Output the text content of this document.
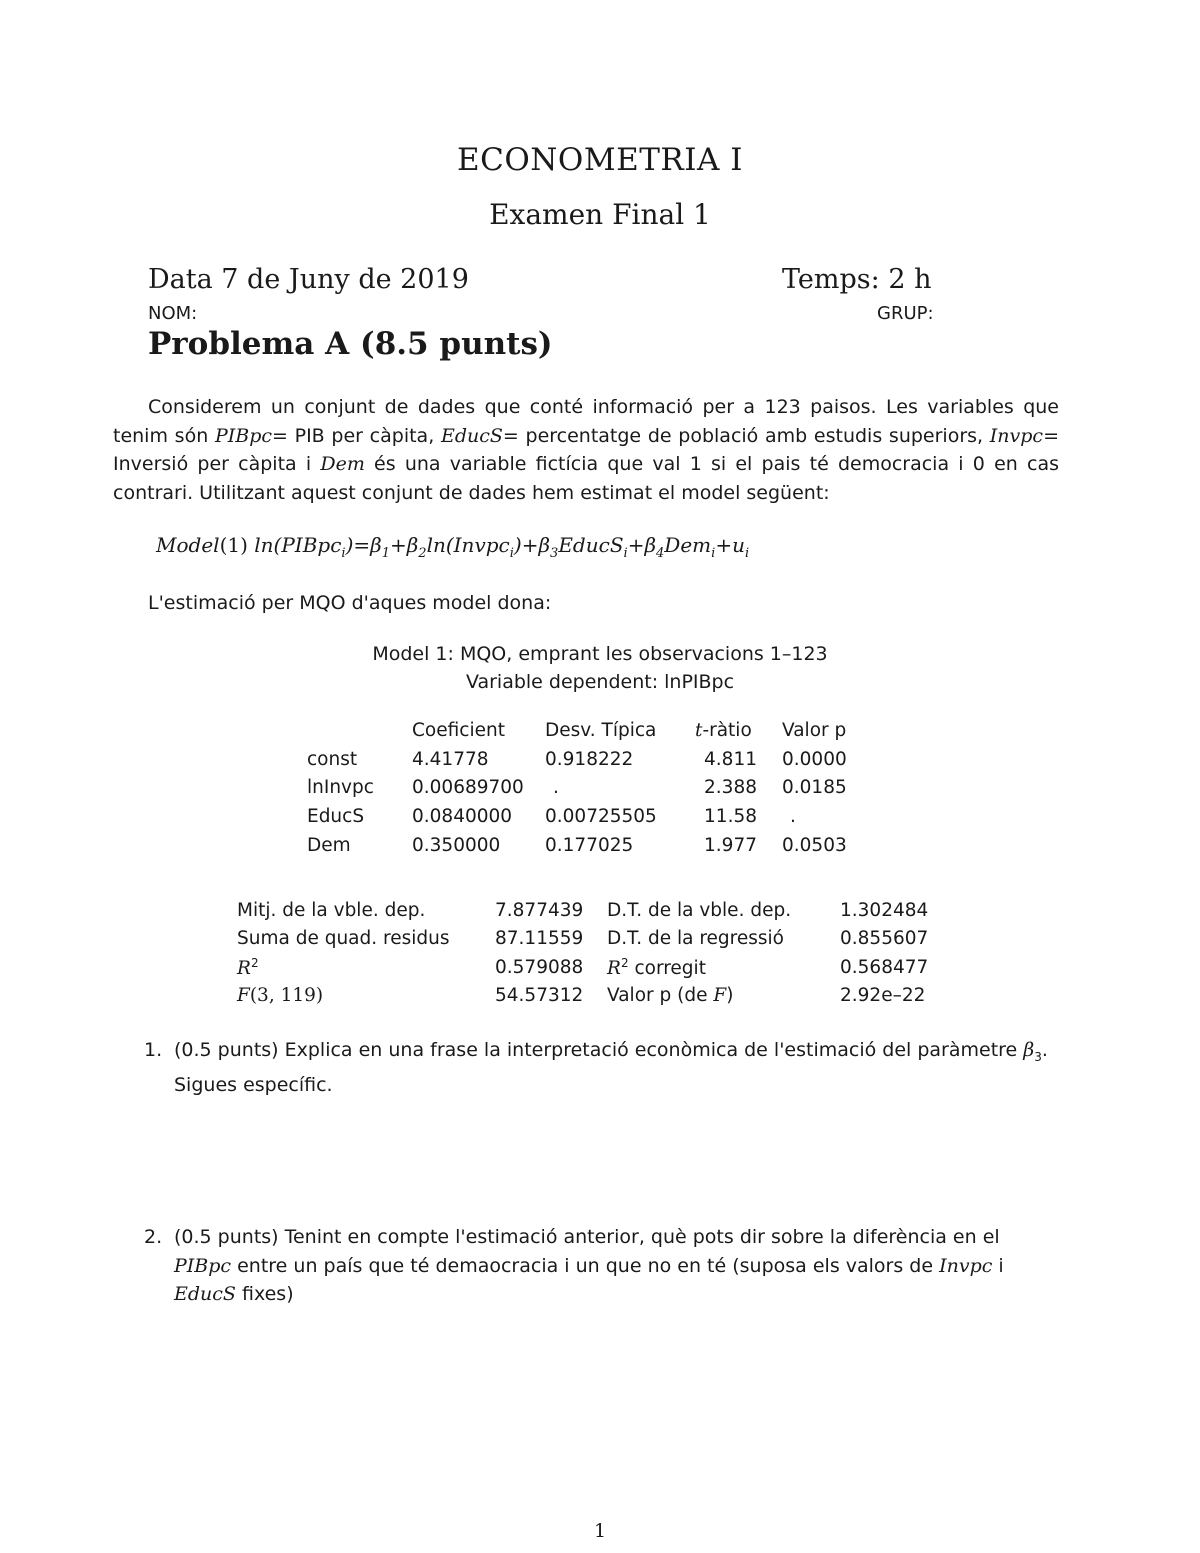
ECONOMETRIA I
Examen Final 1
Data 7 de Juny de 2019	Temps: 2 h
NOM:	GRUP:
Problema A (8.5 punts)

Considerem un conjunt de dades que conté informació per a 123 paisos. Les variables que tenim són PIBpc= PIB per càpita, EducS= percentatge de població amb estudis superiors, Invpc= Inversió per càpita i Dem és una variable fictícia que val 1 si el pais té democracia i 0 en cas contrari. Utilitzant aquest conjunt de dades hem estimat el model següent:

Model(1) $\ln(PIBpc_i)=\beta_1+\beta_2\ln(Invpc_i)+\beta_3EducS_i+\beta_4Dem_i+u_i$
L'estimació per MQO d'aques model dona:
Model 1: MQO, emprant les observacions 1–123
Variable dependent: lnPIBpc
	Coeficient	Desv. Típica	t-ràtio	Valor p
const	4.41778	0.918222	4.811	0.0000
lnInvpc	0.00689700	.	2.388	0.0185
EducS	0.0840000	0.00725505	11.58	.
Dem	0.350000	0.177025	1.977	0.0503
Mitj. de la vble. dep.	7.877439	D.T. de la vble. dep.	1.302484
Suma de quad. residus	87.11559	D.T. de la regressió	0.855607
$R^2$	0.579088	$R^2$ corregit	0.568477
F(3, 119)	54.57312	Valor p (de F)	2.92e–22
1. (0.5 punts) Explica en una frase la interpretació econòmica de l'estimació del paràmetre $\beta_3$. Sigues específic.
2. (0.5 punts) Tenint en compte l'estimació anterior, què pots dir sobre la diferència en el PIBpc entre un país que té demaocracia i un que no en té (suposa els valors de Invpc i EducS fixes)
1
